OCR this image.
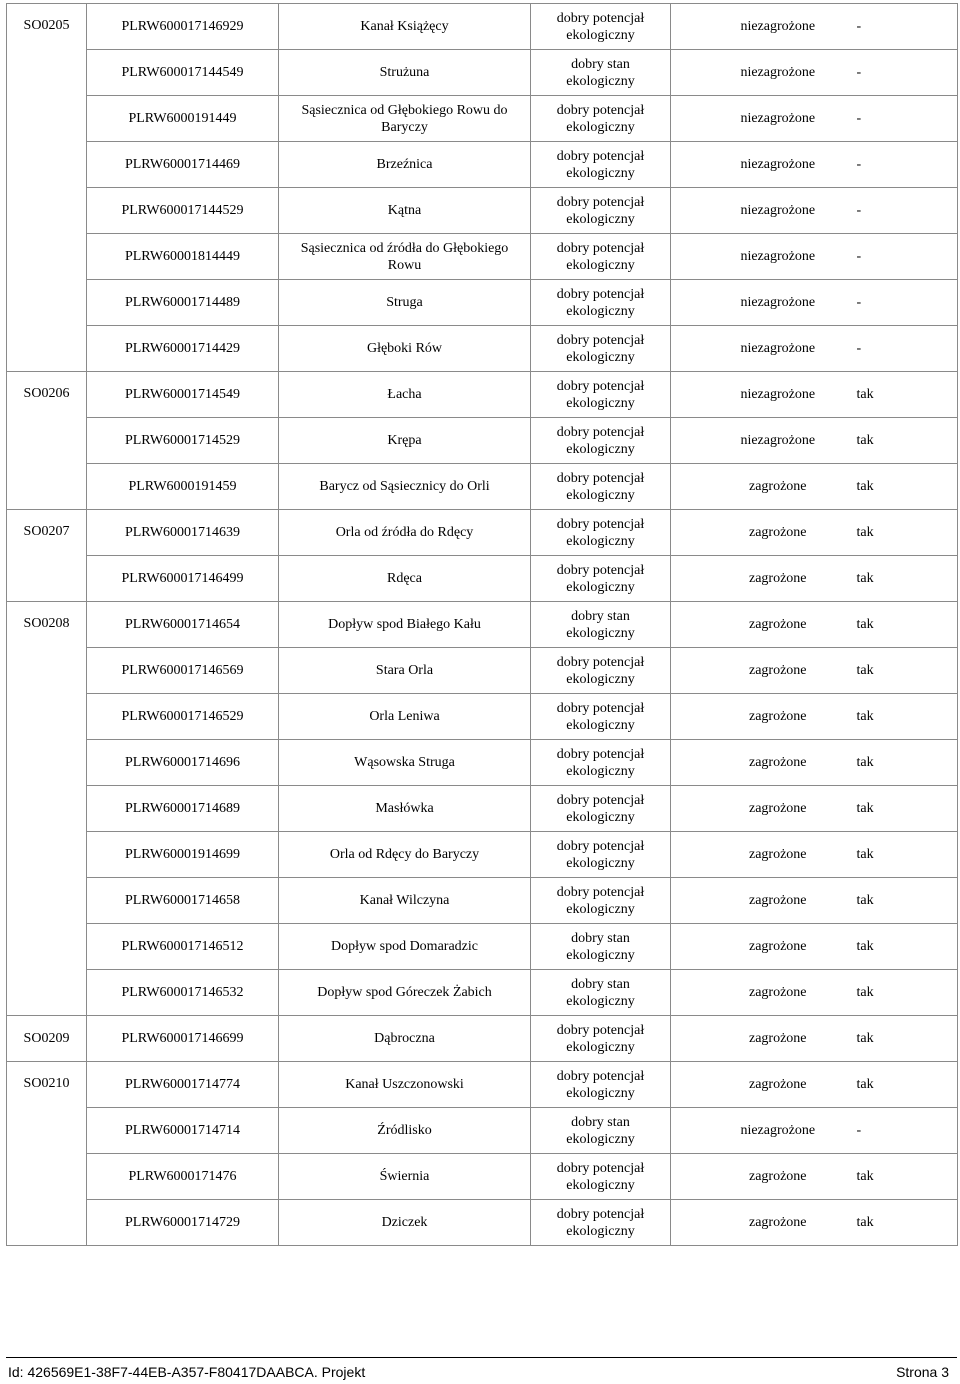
SO0205	PLRW600017146929	Kanał Książęcy	dobry potencjał
ekologiczny	niezagrożone	-
	PLRW600017144549	Strużuna	dobry stan
ekologiczny	niezagrożone	-
	PLRW6000191449	Sąsiecznica od Głębokiego Rowu do Baryczy	dobry potencjał
ekologiczny	niezagrożone	-
	PLRW60001714469	Brzeźnica	dobry potencjał
ekologiczny	niezagrożone	-
	PLRW600017144529	Kątna	dobry potencjał
ekologiczny	niezagrożone	-
	PLRW60001814449	Sąsiecznica od źródła do Głębokiego Rowu	dobry potencjał
ekologiczny	niezagrożone	-
	PLRW60001714489	Struga	dobry potencjał
ekologiczny	niezagrożone	-
	PLRW60001714429	Głęboki Rów	dobry potencjał
ekologiczny	niezagrożone	-
SO0206	PLRW60001714549	Łacha	dobry potencjał
ekologiczny	niezagrożone	tak
	PLRW60001714529	Krępa	dobry potencjał
ekologiczny	niezagrożone	tak
	PLRW6000191459	Barycz od Sąsiecznicy do Orli	dobry potencjał
ekologiczny	zagrożone	tak
SO0207	PLRW60001714639	Orla od źródła do Rdęcy	dobry potencjał
ekologiczny	zagrożone	tak
	PLRW600017146499	Rdęca	dobry potencjał
ekologiczny	zagrożone	tak
SO0208	PLRW60001714654	Dopływ spod Białego Kału	dobry stan
ekologiczny	zagrożone	tak
	PLRW600017146569	Stara Orla	dobry potencjał
ekologiczny	zagrożone	tak
	PLRW600017146529	Orla Leniwa	dobry potencjał
ekologiczny	zagrożone	tak
	PLRW60001714696	Wąsowska Struga	dobry potencjał
ekologiczny	zagrożone	tak
	PLRW60001714689	Masłówka	dobry potencjał
ekologiczny	zagrożone	tak
	PLRW60001914699	Orla od Rdęcy do Baryczy	dobry potencjał
ekologiczny	zagrożone	tak
	PLRW60001714658	Kanał Wilczyna	dobry potencjał
ekologiczny	zagrożone	tak
	PLRW600017146512	Dopływ spod Domaradzic	dobry stan
ekologiczny	zagrożone	tak
	PLRW600017146532	Dopływ spod Góreczek Żabich	dobry stan
ekologiczny	zagrożone	tak
SO0209	PLRW600017146699	Dąbroczna	dobry potencjał
ekologiczny	zagrożone	tak
SO0210	PLRW60001714774	Kanał Uszczonowski	dobry potencjał
ekologiczny	zagrożone	tak
	PLRW60001714714	Źródlisko	dobry stan
ekologiczny	niezagrożone	-
	PLRW6000171476	Świernia	dobry potencjał
ekologiczny	zagrożone	tak
	PLRW60001714729	Dziczek	dobry potencjał
ekologiczny	zagrożone	tak
Id: 426569E1-38F7-44EB-A357-F80417DAABCA. Projekt	Strona 3
